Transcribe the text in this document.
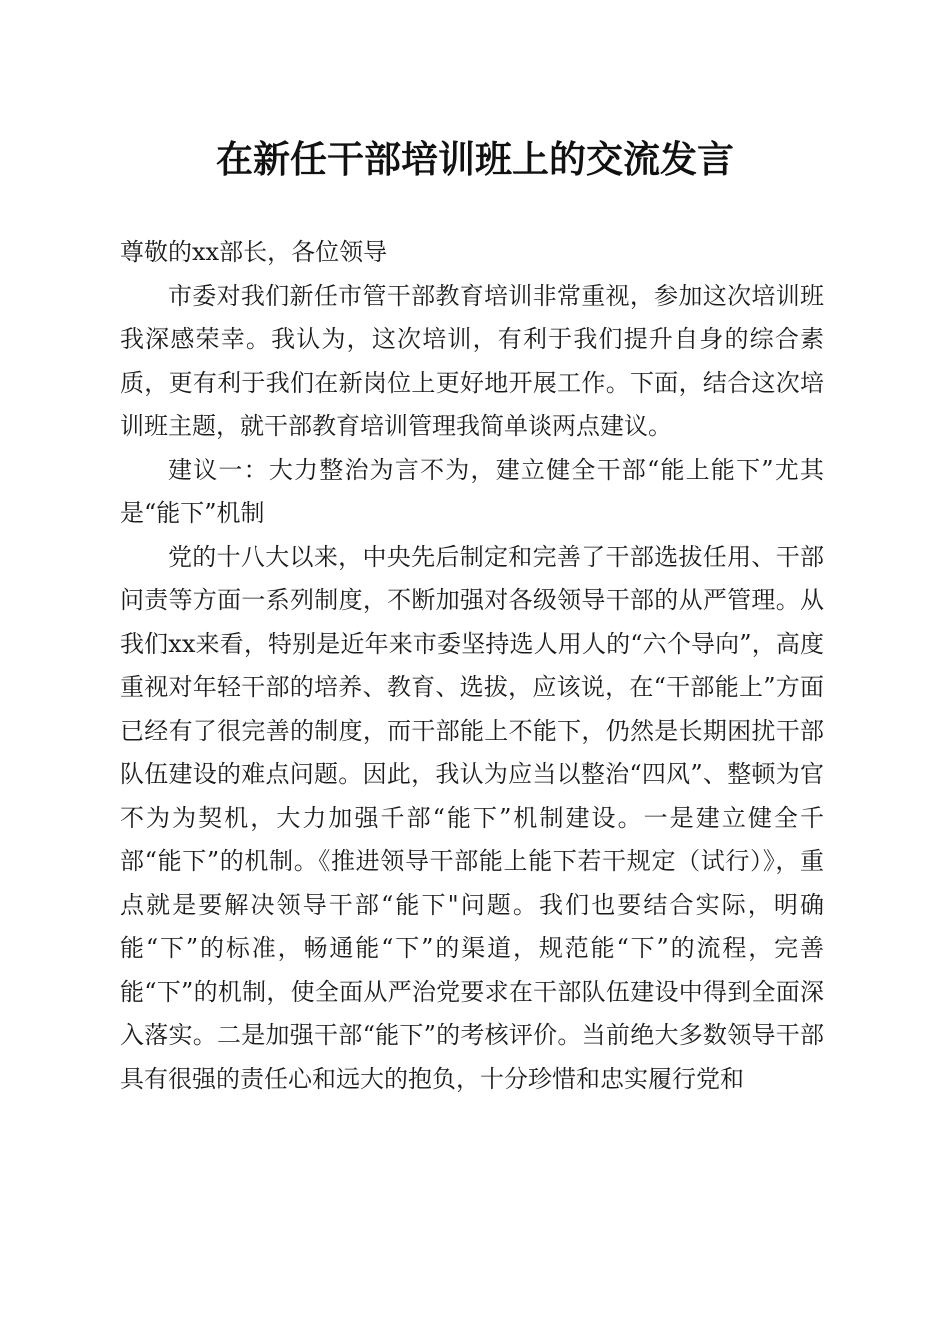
在新任干部培训班上的交流发言

尊敬的xx部长，各位领导

市委对我们新任市管干部教育培训非常重视，参加这次培训班我深感荣幸。我认为，这次培训，有利于我们提升自身的综合素质，更有利于我们在新岗位上更好地开展工作。下面，结合这次培训班主题，就干部教育培训管理我简单谈两点建议。

建议一：大力整治为言不为，建立健全干部“能上能下”尤其是“能下”机制

党的十八大以来，中央先后制定和完善了干部选拔任用、干部问责等方面一系列制度，不断加强对各级领导干部的从严管理。从我们xx来看，特别是近年来市委坚持选人用人的“六个导向”，高度重视对年轻干部的培养、教育、选拔，应该说，在“干部能上”方面已经有了很完善的制度，而干部能上不能下，仍然是长期困扰干部队伍建设的难点问题。因此，我认为应当以整治“四风”、整顿为官不为为契机，大力加强千部“能下”机制建设。一是建立健全千部“能下”的机制。《推进领导干部能上能下若干规定（试行）》，重点就是要解决领导干部“能下"问题。我们也要结合实际，明确能“下”的标准，畅通能“下”的渠道，规范能“下”的流程，完善能“下”的机制，使全面从严治党要求在干部队伍建设中得到全面深入落实。二是加强干部“能下”的考核评价。当前绝大多数领导干部具有很强的责任心和远大的抱负，十分珍惜和忠实履行党和
